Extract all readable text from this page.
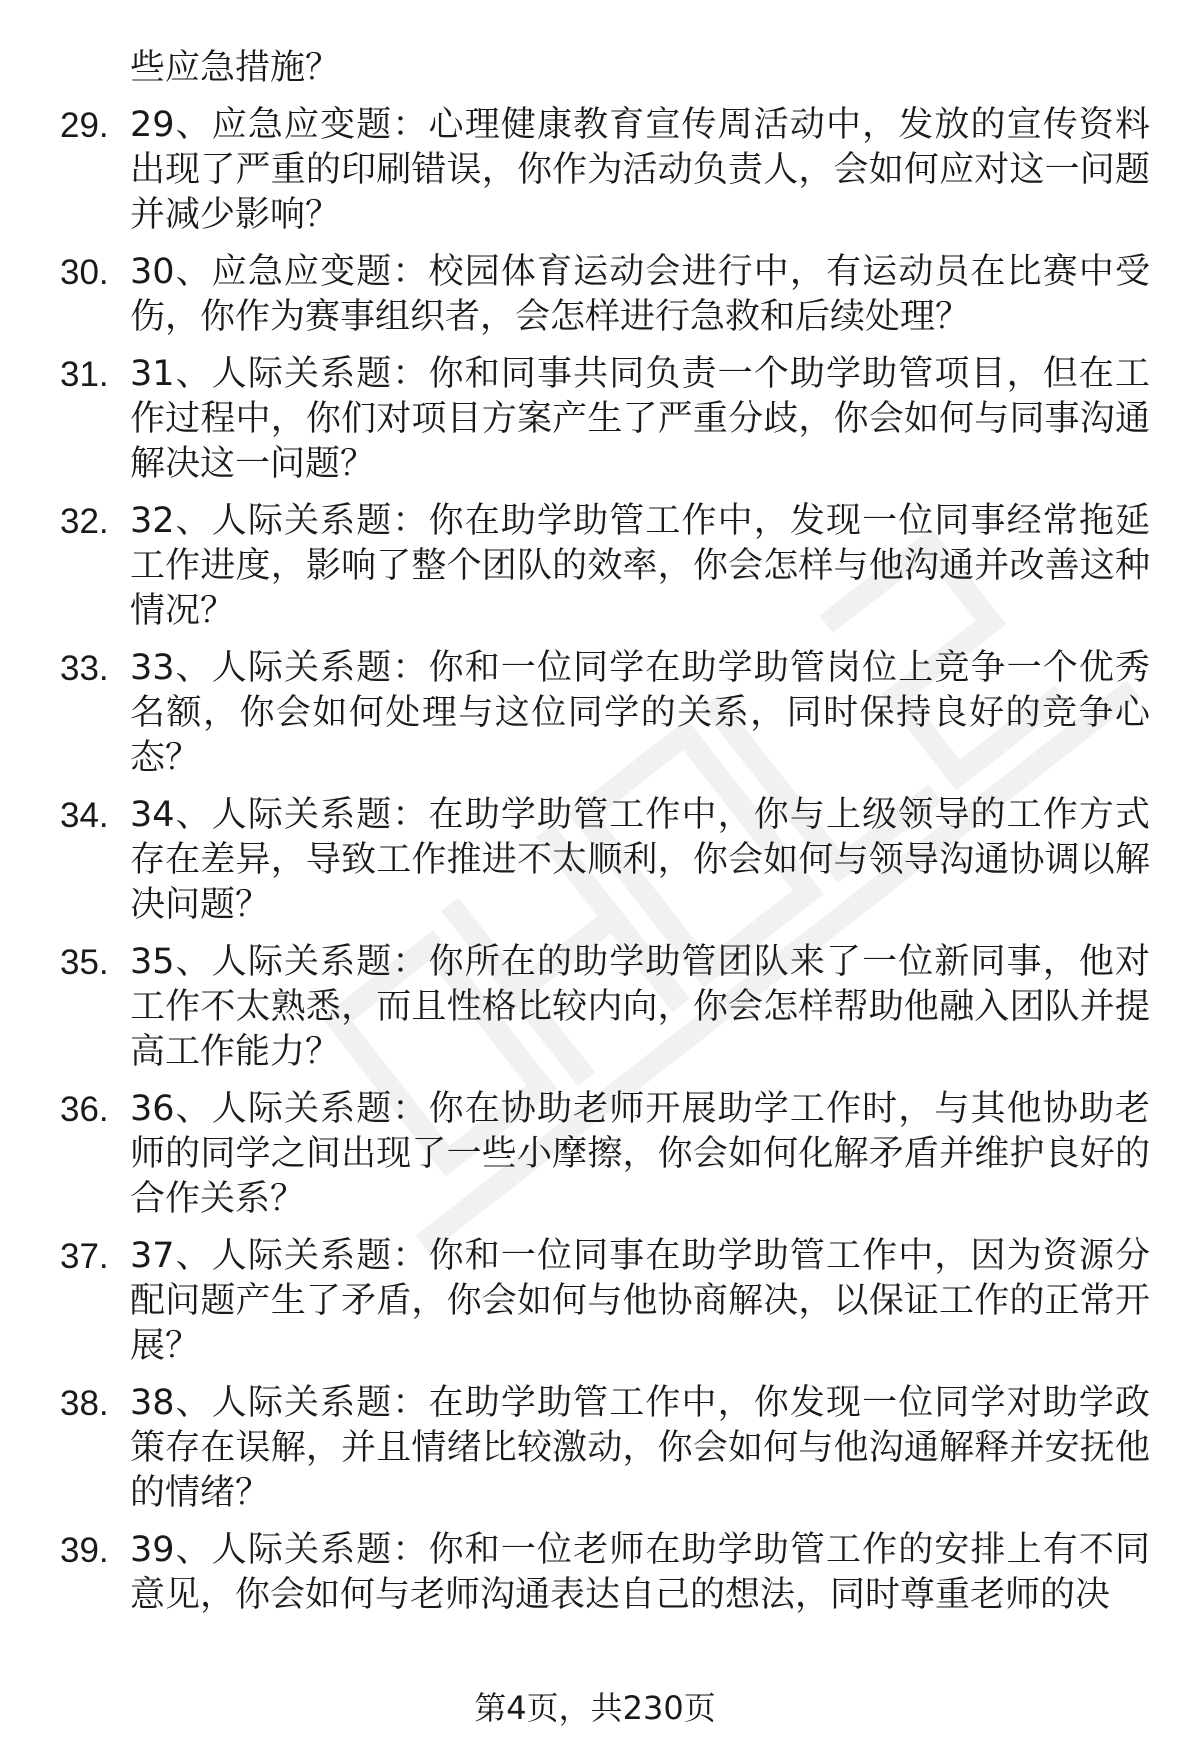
些应急措施？
29. 29、应急应变题：心理健康教育宣传周活动中，发放的宣传资料出现了严重的印刷错误，你作为活动负责人，会如何应对这一问题并减少影响？
30. 30、应急应变题：校园体育运动会进行中，有运动员在比赛中受伤，你作为赛事组织者，会怎样进行急救和后续处理？
31. 31、人际关系题：你和同事共同负责一个助学助管项目，但在工作过程中，你们对项目方案产生了严重分歧，你会如何与同事沟通解决这一问题？
32. 32、人际关系题：你在助学助管工作中，发现一位同事经常拖延工作进度，影响了整个团队的效率，你会怎样与他沟通并改善这种情况？
33. 33、人际关系题：你和一位同学在助学助管岗位上竞争一个优秀名额，你会如何处理与这位同学的关系，同时保持良好的竞争心态？
34. 34、人际关系题：在助学助管工作中，你与上级领导的工作方式存在差异，导致工作推进不太顺利，你会如何与领导沟通协调以解决问题？
35. 35、人际关系题：你所在的助学助管团队来了一位新同事，他对工作不太熟悉，而且性格比较内向，你会怎样帮助他融入团队并提高工作能力？
36. 36、人际关系题：你在协助老师开展助学工作时，与其他协助老师的同学之间出现了一些小摩擦，你会如何化解矛盾并维护良好的合作关系？
37. 37、人际关系题：你和一位同事在助学助管工作中，因为资源分配问题产生了矛盾，你会如何与他协商解决，以保证工作的正常开展？
38. 38、人际关系题：在助学助管工作中，你发现一位同学对助学政策存在误解，并且情绪比较激动，你会如何与他沟通解释并安抚他的情绪？
39. 39、人际关系题：你和一位老师在助学助管工作的安排上有不同意见，你会如何与老师沟通表达自己的想法，同时尊重老师的决
第4页，共230页
